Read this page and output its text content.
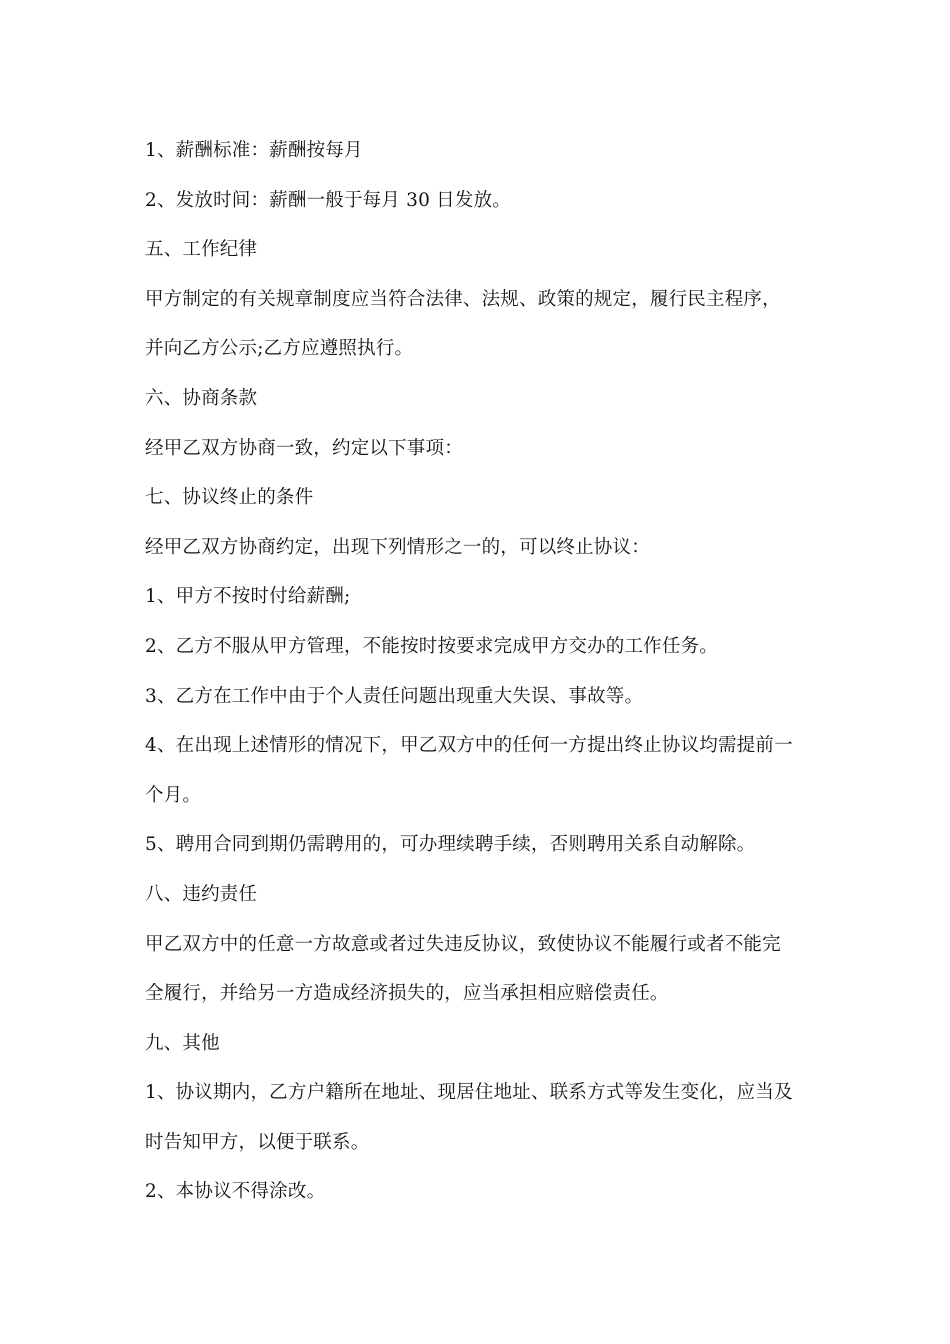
1、薪酬标准：薪酬按每月
2、发放时间：薪酬一般于每月 30 日发放。
五、工作纪律
甲方制定的有关规章制度应当符合法律、法规、政策的规定，履行民主程序，
并向乙方公示;乙方应遵照执行。
六、协商条款
经甲乙双方协商一致，约定以下事项：
七、协议终止的条件
经甲乙双方协商约定，出现下列情形之一的，可以终止协议：
1、甲方不按时付给薪酬;
2、乙方不服从甲方管理，不能按时按要求完成甲方交办的工作任务。
3、乙方在工作中由于个人责任问题出现重大失误、事故等。
4、在出现上述情形的情况下，甲乙双方中的任何一方提出终止协议均需提前一
个月。
5、聘用合同到期仍需聘用的，可办理续聘手续，否则聘用关系自动解除。
八、违约责任
甲乙双方中的任意一方故意或者过失违反协议，致使协议不能履行或者不能完
全履行，并给另一方造成经济损失的，应当承担相应赔偿责任。
九、其他
1、协议期内，乙方户籍所在地址、现居住地址、联系方式等发生变化，应当及
时告知甲方，以便于联系。
2、本协议不得涂改。
